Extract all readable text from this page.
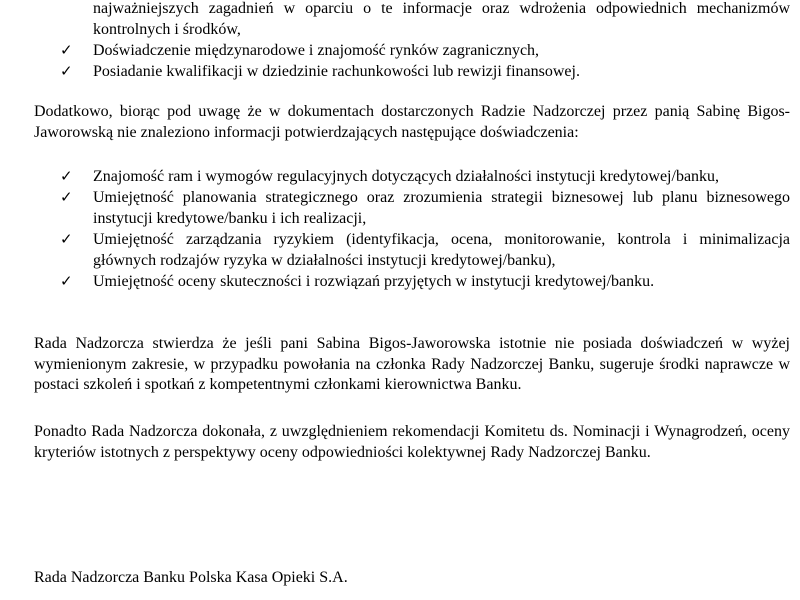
najważniejszych zagadnień w oparciu o te informacje oraz wdrożenia odpowiednich mechanizmów kontrolnych i środków,
✓	Doświadczenie międzynarodowe i znajomość rynków zagranicznych,
✓	Posiadanie kwalifikacji w dziedzinie rachunkowości lub rewizji finansowej.

Dodatkowo, biorąc pod uwagę że w dokumentach dostarczonych Radzie Nadzorczej przez panią Sabinę Bigos-Jaworowską nie znaleziono informacji potwierdzających następujące doświadczenia:

✓	Znajomość ram i wymogów regulacyjnych dotyczących działalności instytucji kredytowej/banku,
✓	Umiejętność planowania strategicznego oraz zrozumienia strategii biznesowej lub planu biznesowego instytucji kredytowe/banku i ich realizacji,
✓	Umiejętność zarządzania ryzykiem (identyfikacja, ocena, monitorowanie, kontrola i minimalizacja głównych rodzajów ryzyka w działalności instytucji kredytowej/banku),
✓	Umiejętność oceny skuteczności i rozwiązań przyjętych w instytucji kredytowej/banku.

Rada Nadzorcza stwierdza że jeśli pani Sabina Bigos-Jaworowska istotnie nie posiada doświadczeń w wyżej wymienionym zakresie, w przypadku powołania na członka Rady Nadzorczej Banku, sugeruje środki naprawcze w postaci szkoleń i spotkań z kompetentnymi członkami kierownictwa Banku.

Ponadto Rada Nadzorcza dokonała, z uwzględnieniem rekomendacji Komitetu ds. Nominacji i Wynagrodzeń, oceny kryteriów istotnych z perspektywy oceny odpowiedniości kolektywnej Rady Nadzorczej Banku.

Rada Nadzorcza Banku Polska Kasa Opieki S.A.
